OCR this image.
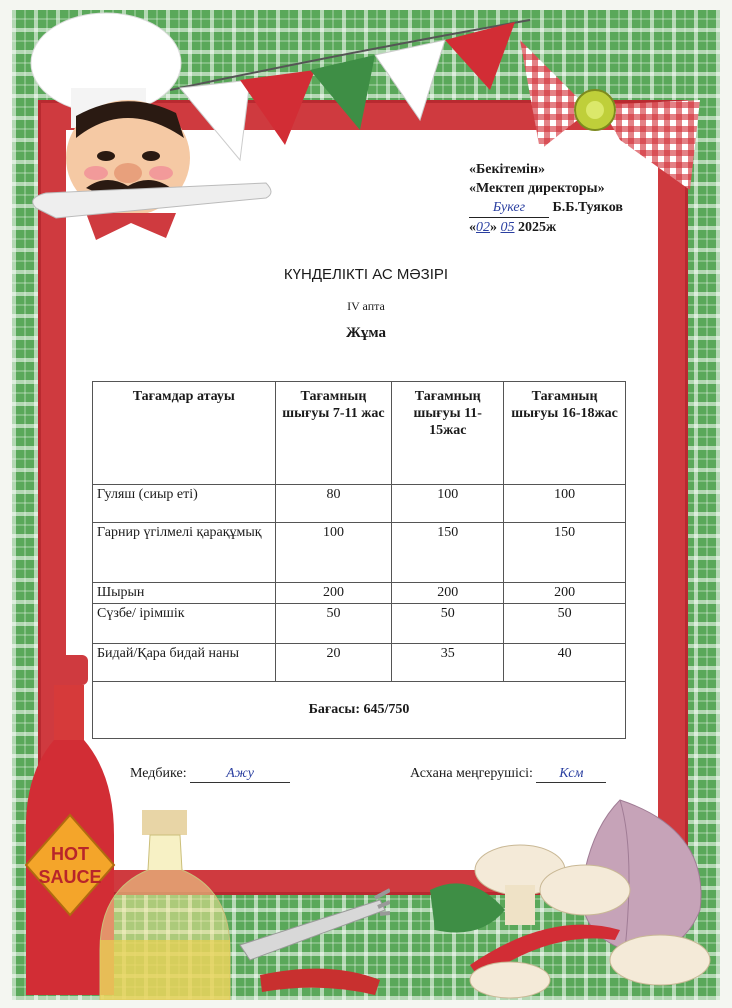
HOT
SAUCE
«Бекітемін»
«Мектеп директоры»
Букег Б.Б.Туяков
«02» 05 2025ж
КҮНДЕЛІКТІ АС МӘЗІРІ
IV апта
Жұма
Тағамдар атауы	Тағамның шығуы 7-11 жас	Тағамның шығуы 11-15жас	Тағамның шығуы 16-18жас
Гуляш (сиыр еті)	80	100	100
Гарнир үгілмелі қарақұмық	100	150	150
Шырын	200	200	200
Сүзбе/ ірімшік	50	50	50
Бидай/Қара бидай наны	20	35	40
Бағасы: 645/750			
Медбике:	Ажу	Асхана меңгерушісі: Ксм
